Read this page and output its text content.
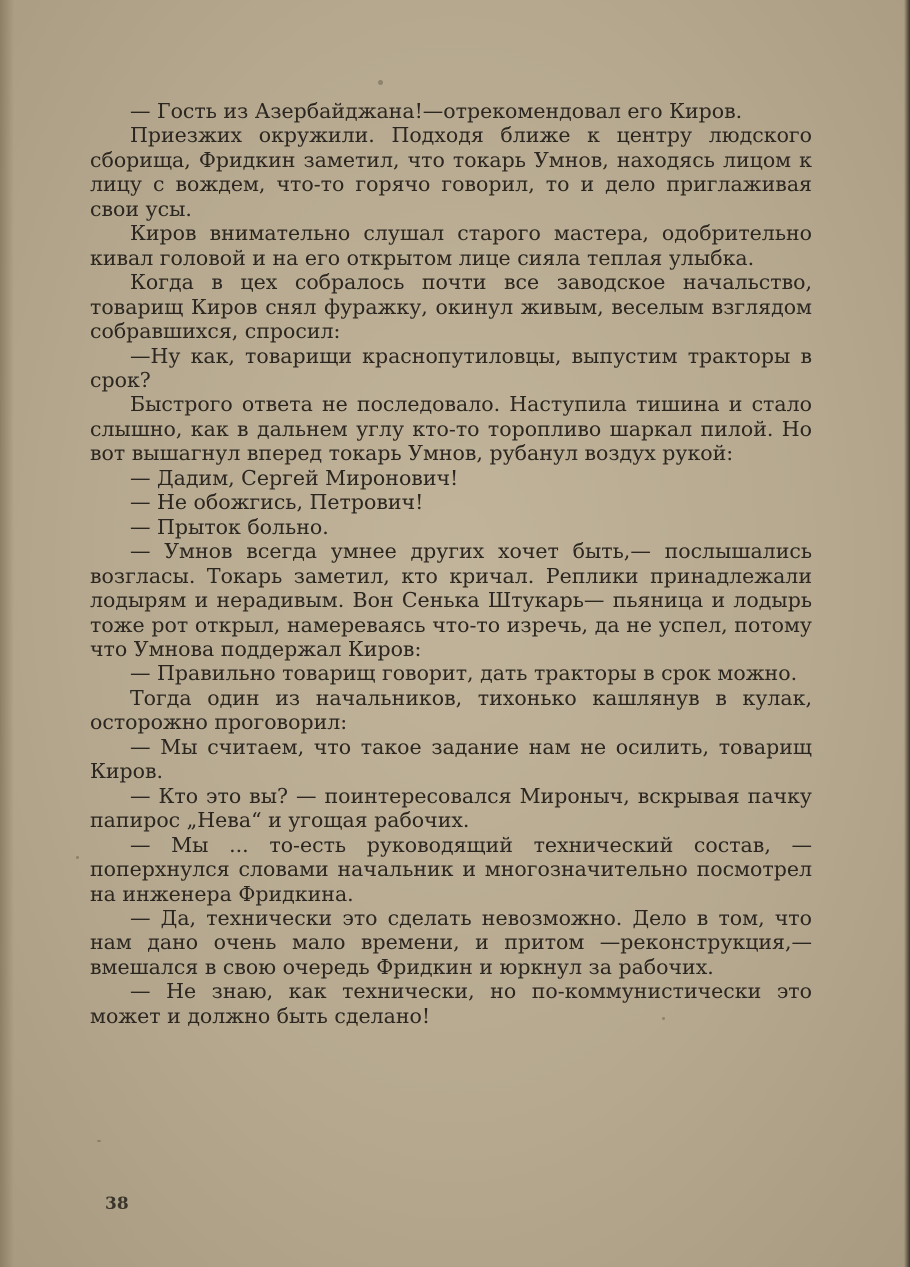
— Гость из Азербайджана!—отрекомендовал его Киров.

Приезжих окружили. Подходя ближе к центру людского сборища, Фридкин заметил, что токарь Умнов, находясь лицом к лицу с вождем, что-то горячо говорил, то и дело приглаживая свои усы.

Киров внимательно слушал старого мастера, одобрительно кивал головой и на его открытом лице сияла теплая улыбка.

Когда в цех собралось почти все заводское начальство, товарищ Киров снял фуражку, окинул живым, веселым взглядом собравшихся, спросил:

—Ну как, товарищи краснопутиловцы, выпустим тракторы в срок?

Быстрого ответа не последовало. Наступила тишина и стало слышно, как в дальнем углу кто-то торопливо шаркал пилой. Но вот вышагнул вперед токарь Умнов, рубанул воздух рукой:

— Дадим, Сергей Миронович!

— Не обожгись, Петрович!

— Прыток больно.

— Умнов всегда умнее других хочет быть,— послышались возгласы. Токарь заметил, кто кричал. Реплики принадлежали лодырям и нерадивым. Вон Сенька Штукарь— пьяница и лодырь тоже рот открыл, намереваясь что-то изречь, да не успел, потому что Умнова поддержал Киров:

— Правильно товарищ говорит, дать тракторы в срок можно.

Тогда один из начальников, тихонько кашлянув в кулак, осторожно проговорил:

— Мы считаем, что такое задание нам не осилить, товарищ Киров.

— Кто это вы? — поинтересовался Мироныч, вскрывая пачку папирос „Нева“ и угощая рабочих.

— Мы ... то-есть руководящий технический состав, — поперхнулся словами начальник и многозначительно посмотрел на инженера Фридкина.

— Да, технически это сделать невозможно. Дело в том, что нам дано очень мало времени, и притом —реконструкция,— вмешался в свою очередь Фридкин и юркнул за рабочих.

— Не знаю, как технически, но по-коммунистически это может и должно быть сделано!

38
